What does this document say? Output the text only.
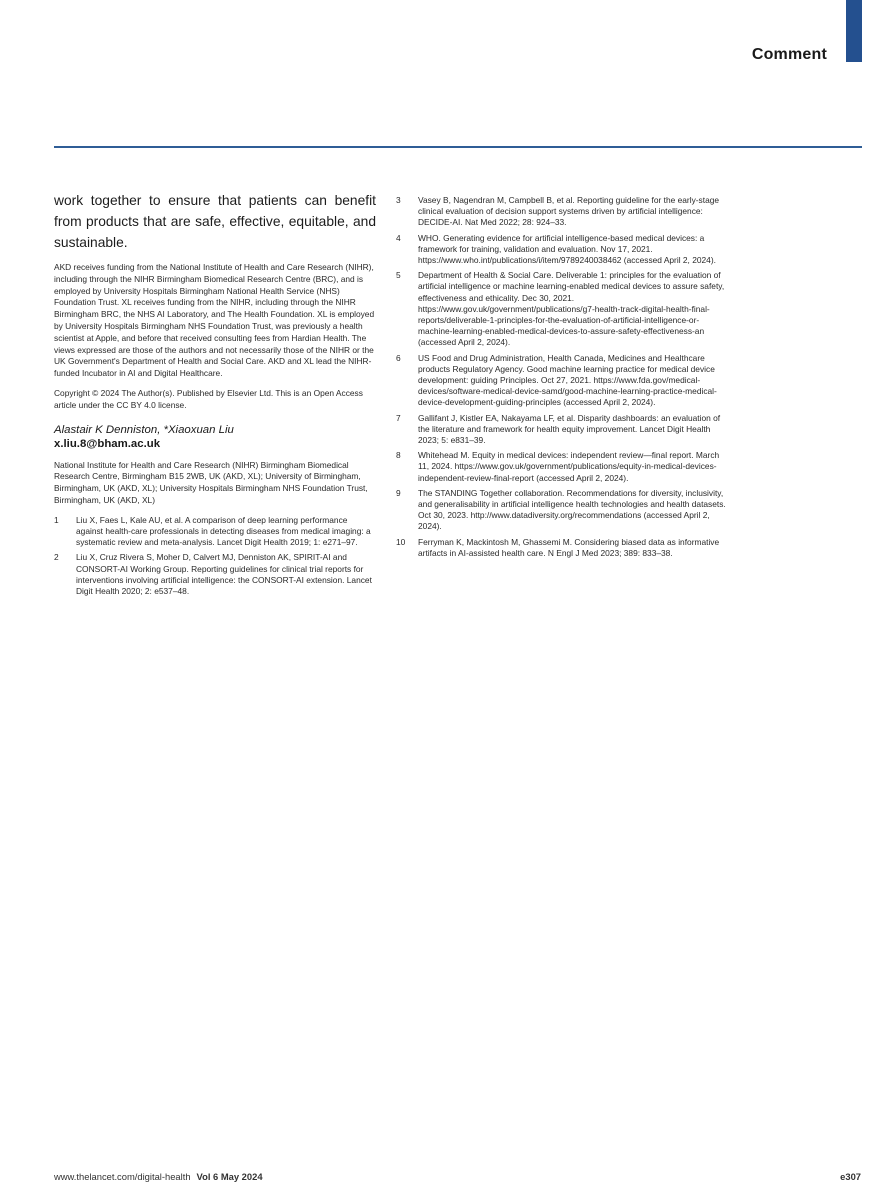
Comment

work together to ensure that patients can benefit from products that are safe, effective, equitable, and sustainable.

AKD receives funding from the National Institute of Health and Care Research (NIHR), including through the NIHR Birmingham Biomedical Research Centre (BRC), and is employed by University Hospitals Birmingham National Health Service (NHS) Foundation Trust. XL receives funding from the NIHR, including through the NIHR Birmingham BRC, the NHS AI Laboratory, and The Health Foundation. XL is employed by University Hospitals Birmingham NHS Foundation Trust, was previously a health scientist at Apple, and before that received consulting fees from Hardian Health. The views expressed are those of the authors and not necessarily those of the NIHR or the UK Government's Department of Health and Social Care. AKD and XL lead the NIHR-funded Incubator in AI and Digital Healthcare.

Copyright © 2024 The Author(s). Published by Elsevier Ltd. This is an Open Access article under the CC BY 4.0 license.

Alastair K Denniston, *Xiaoxuan Liu
x.liu.8@bham.ac.uk

National Institute for Health and Care Research (NIHR) Birmingham Biomedical Research Centre, Birmingham B15 2WB, UK (AKD, XL); University of Birmingham, Birmingham, UK (AKD, XL); University Hospitals Birmingham NHS Foundation Trust, Birmingham, UK (AKD, XL)

1	Liu X, Faes L, Kale AU, et al. A comparison of deep learning performance against health-care professionals in detecting diseases from medical imaging: a systematic review and meta-analysis. Lancet Digit Health 2019; 1: e271–97.
2	Liu X, Cruz Rivera S, Moher D, Calvert MJ, Denniston AK, SPIRIT-AI and CONSORT-AI Working Group. Reporting guidelines for clinical trial reports for interventions involving artificial intelligence: the CONSORT-AI extension. Lancet Digit Health 2020; 2: e537–48.
3	Vasey B, Nagendran M, Campbell B, et al. Reporting guideline for the early-stage clinical evaluation of decision support systems driven by artificial intelligence: DECIDE-AI. Nat Med 2022; 28: 924–33.
4	WHO. Generating evidence for artificial intelligence-based medical devices: a framework for training, validation and evaluation. Nov 17, 2021. https://www.who.int/publications/i/item/9789240038462 (accessed April 2, 2024).
5	Department of Health & Social Care. Deliverable 1: principles for the evaluation of artificial intelligence or machine learning-enabled medical devices to assure safety, effectiveness and ethicality. Dec 30, 2021. https://www.gov.uk/government/publications/g7-health-track-digital-health-final-reports/deliverable-1-principles-for-the-evaluation-of-artificial-intelligence-or-machine-learning-enabled-medical-devices-to-assure-safety-effectiveness-an (accessed April 2, 2024).
6	US Food and Drug Administration, Health Canada, Medicines and Healthcare products Regulatory Agency. Good machine learning practice for medical device development: guiding Principles. Oct 27, 2021. https://www.fda.gov/medical-devices/software-medical-device-samd/good-machine-learning-practice-medical-device-development-guiding-principles (accessed April 2, 2024).
7	Gallifant J, Kistler EA, Nakayama LF, et al. Disparity dashboards: an evaluation of the literature and framework for health equity improvement. Lancet Digit Health 2023; 5: e831–39.
8	Whitehead M. Equity in medical devices: independent review—final report. March 11, 2024. https://www.gov.uk/government/publications/equity-in-medical-devices-independent-review-final-report (accessed April 2, 2024).
9	The STANDING Together collaboration. Recommendations for diversity, inclusivity, and generalisability in artificial intelligence health technologies and health datasets. Oct 30, 2023. http://www.datadiversity.org/recommendations (accessed April 2, 2024).
10	Ferryman K, Mackintosh M, Ghassemi M. Considering biased data as informative artifacts in AI-assisted health care. N Engl J Med 2023; 389: 833–38.
www.thelancet.com/digital-health Vol 6 May 2024	e307
